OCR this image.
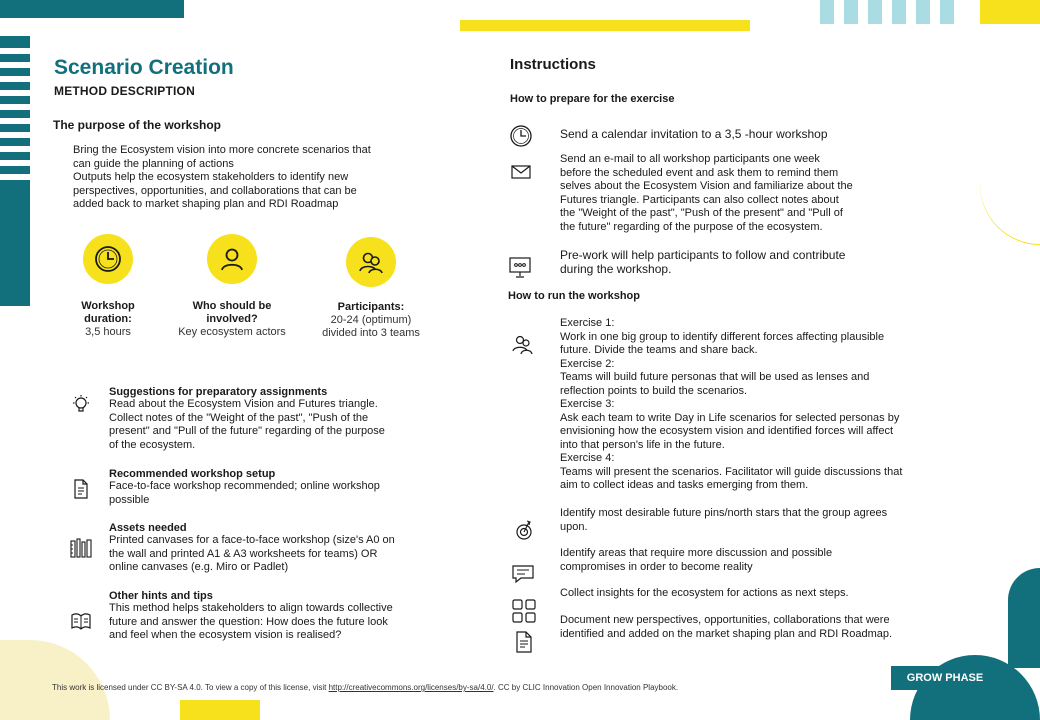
Scenario Creation
METHOD DESCRIPTION
The purpose of the workshop
Bring the Ecosystem vision into more concrete scenarios that
can guide the planning of actions
Outputs help the ecosystem stakeholders to identify new
perspectives, opportunities, and collaborations that can be
added back to market shaping plan and RDI Roadmap
Workshop
duration:
3,5 hours
Who should be
involved?
Key ecosystem actors
Participants:
20-24 (optimum)
divided into 3 teams
Suggestions for preparatory assignments
Read about the Ecosystem Vision and Futures triangle.
Collect notes of the "Weight of the past", "Push of the
present" and "Pull of the future" regarding of the purpose
of the ecosystem.
Recommended workshop setup
Face-to-face workshop recommended; online workshop
possible
Assets needed
Printed canvases for a face-to-face workshop (size's A0 on
the wall and printed A1 & A3 worksheets for teams) OR
online canvases (e.g. Miro or Padlet)
Other hints and tips
This method helps stakeholders to align towards collective
future and answer the question: How does the future look
and feel when the ecosystem vision is realised?
Instructions
How to prepare for the exercise
Send a calendar invitation to a 3,5 -hour workshop
Send an e-mail to all workshop participants one week
before the scheduled event and ask them to remind them
selves about the Ecosystem Vision and familiarize about the
Futures triangle. Participants can also collect notes about
the "Weight of the past", "Push of the present" and "Pull of
the future" regarding of the purpose of the ecosystem.
Pre-work will help participants to follow and contribute
during the workshop.
How to run the workshop
Exercise 1:
Work in one big group to identify different forces affecting plausible
future. Divide the teams and share back.
Exercise 2:
Teams will build future personas that will be used as lenses and
reflection points to build the scenarios.
Exercise 3:
Ask each team to write Day in Life scenarios for selected personas by
envisioning how the ecosystem vision and identified forces will affect
into that person's life in the future.
Exercise 4:
Teams will present the scenarios. Facilitator will guide discussions that
aim to collect ideas and tasks emerging from them.
Identify most desirable future pins/north stars that the group agrees
upon.
Identify areas that require more discussion and possible
compromises in order to become reality
Collect insights for the ecosystem for actions as next steps.
Document new perspectives, opportunities, collaborations that were
identified and added on the market shaping plan and RDI Roadmap.
This work is licensed under CC BY-SA 4.0. To view a copy of this license, visit http://creativecommons.org/licenses/by-sa/4.0/. CC by CLIC Innovation Open Innovation Playbook.
GROW PHASE
